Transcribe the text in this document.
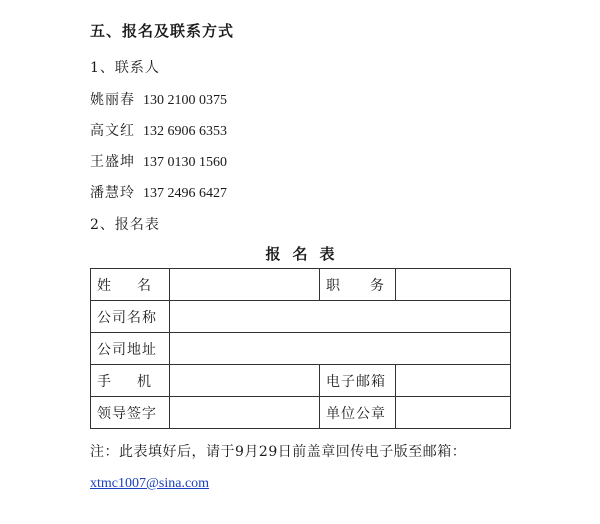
五、报名及联系方式
1、联系人
姚丽春 130 2100 0375
高文红 132 6906 6353
王盛坤 137 0130 1560
潘慧玲 137 2496 6427
2、报名表
报名表
姓 名		职 务	

公司名称			
公司地址			

手 机		电子邮箱	
领导签字		单位公章	
注：此表填好后，请于9月29日前盖章回传电子版至邮箱：
xtmc1007@sina.com
